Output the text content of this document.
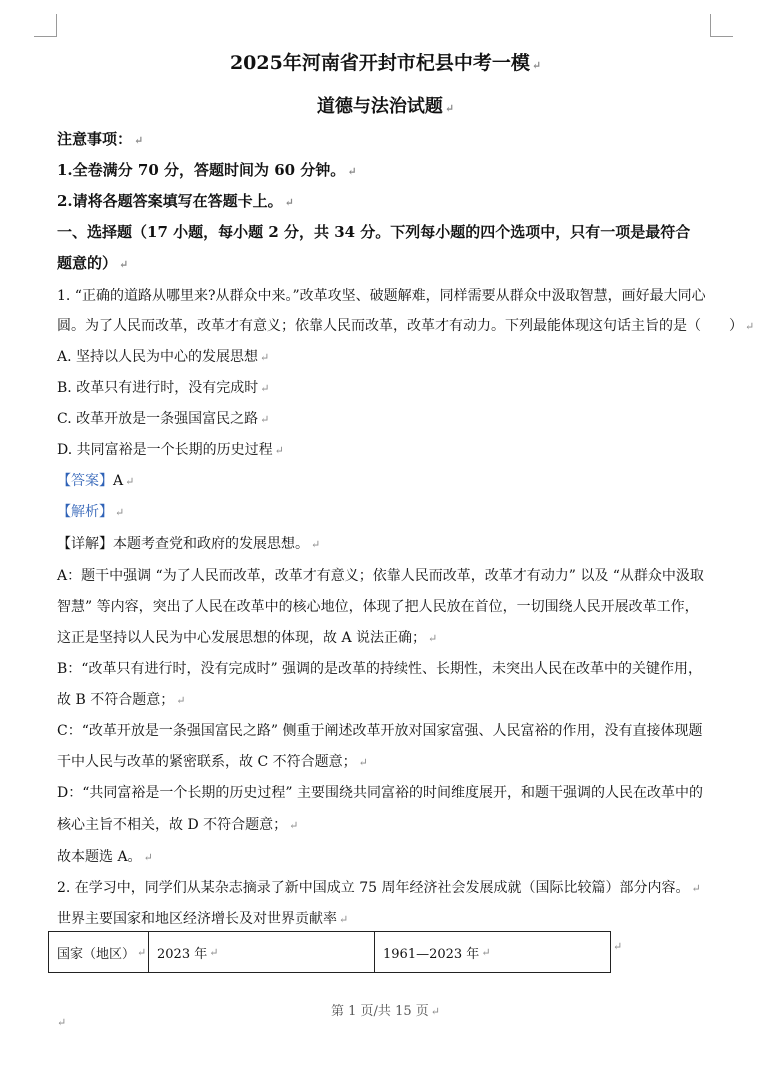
2025年河南省开封市杞县中考一模 ↵
道德与法治试题 ↵
注意事项： ↵
1.全卷满分 70 分，答题时间为 60 分钟。 ↵
2.请将各题答案填写在答题卡上。 ↵
一、选择题（17 小题，每小题 2 分，共 34 分。下列每小题的四个选项中，只有一项是最符合
题意的） ↵
1. “正确的道路从哪里来?从群众中来。”改革攻坚、破题解难，同样需要从群众中汲取智慧，画好最大同心
圆。为了人民而改革，改革才有意义；依靠人民而改革，改革才有动力。下列最能体现这句话主旨的是（　　） ↵
A. 坚持以人民为中心的发展思想 ↵
B. 改革只有进行时，没有完成时 ↵
C. 改革开放是一条强国富民之路 ↵
D. 共同富裕是一个长期的历史过程 ↵
【答案】A ↵
【解析】 ↵
【详解】本题考查党和政府的发展思想。 ↵
A：题干中强调 “为了人民而改革，改革才有意义；依靠人民而改革，改革才有动力” 以及 “从群众中汲取
智慧” 等内容，突出了人民在改革中的核心地位，体现了把人民放在首位，一切围绕人民开展改革工作，
这正是坚持以人民为中心发展思想的体现，故 A 说法正确； ↵
B：“改革只有进行时，没有完成时” 强调的是改革的持续性、长期性，未突出人民在改革中的关键作用，
故 B 不符合题意； ↵
C：“改革开放是一条强国富民之路” 侧重于阐述改革开放对国家富强、人民富裕的作用，没有直接体现题
干中人民与改革的紧密联系，故 C 不符合题意； ↵
D：“共同富裕是一个长期的历史过程” 主要围绕共同富裕的时间维度展开，和题干强调的人民在改革中的
核心主旨不相关，故 D 不符合题意； ↵
故本题选 A。 ↵
2. 在学习中，同学们从某杂志摘录了新中国成立 75 周年经济社会发展成就（国际比较篇）部分内容。 ↵
世界主要国家和地区经济增长及对世界贡献率 ↵
国家（地区） ↵ 2023 年 ↵	1961—2023 年 ↵	↵
第 1 页/共 15 页 ↵
↵
